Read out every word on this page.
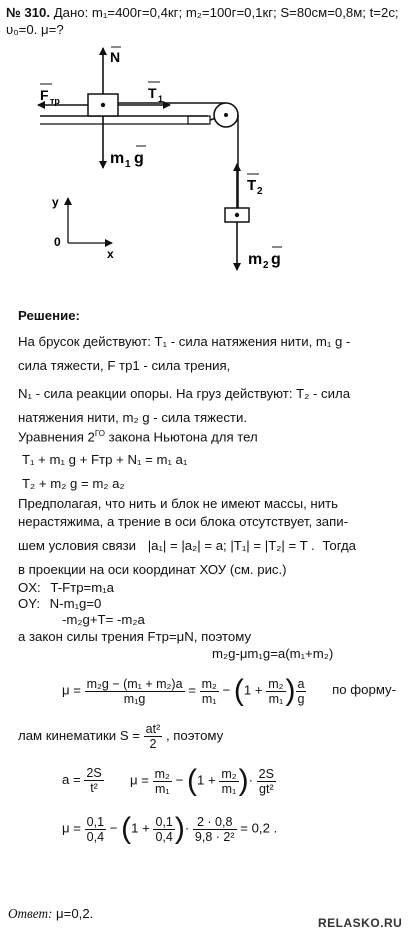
№ 310. Дано: m₁=400г=0,4кг; m₂=100г=0,1кг; S=80см=0,8м; t=2с;
υ₀=0. μ=?
N
F тр	T 1
m 1 g
T 2
m 2 g
y
x
0
Решение:
На брусок действуют: T₁ - сила натяжения нити, m₁ g -
сила тяжести, F тр1 - сила трения,
N₁ - сила реакции опоры. На груз действуют: T₂ - сила
натяжения нити, m₂ g - сила тяжести.
Уравнения $2^{ГО}$ закона Ньютона для тел
T₁ + m₁ g + Fтр + N₁ = m₁ a₁
T₂ + m₂ g = m₂ a₂
Предполагая, что нить и блок не имеют массы, нить
нерастяжима, а трение в оси блока отсутствует, запи-
шем условия связи |a₁| = |a₂| = a; |T₁| = |T₂| = T . Тогда
в проекции на оси координат ХОУ (см. рис.)
OX: T-Fтр=m₁a
OY: N-m₁g=0
-m₂g+T= -m₂a
а закон силы трения Fтр=μN, поэтому
m₂g-μm₁g=a(m₁+m₂)
$\mu = \frac{\text{m₂g − (m₁ + m₂)a}}{\text{m₁g}} = \frac{\text{m₂}}{\text{m₁}} - (1 + \frac{\text{m₂}}{\text{m₁}}$ ) $\frac{a}{g}$ по форму-
лам кинематики $S = \frac{\text{at²}}{2}$ , поэтому
$a = \frac{2S}{\text{t²}}$ $\mu = \frac{\text{m₂}}{\text{m₁}} - (1 + \frac{\text{m₂}}{\text{m₁}}$ )· $\frac{2S}{\text{gt²}}$
$\mu = \frac{0,1}{0,4} - (1 + \frac{0,1}{0,4}$ )· $\frac{2 \cdot 0,8}{\text{9,8 · 2²}} = 0,2$ .
Ответ: μ=0,2.
RELASKO.RU
